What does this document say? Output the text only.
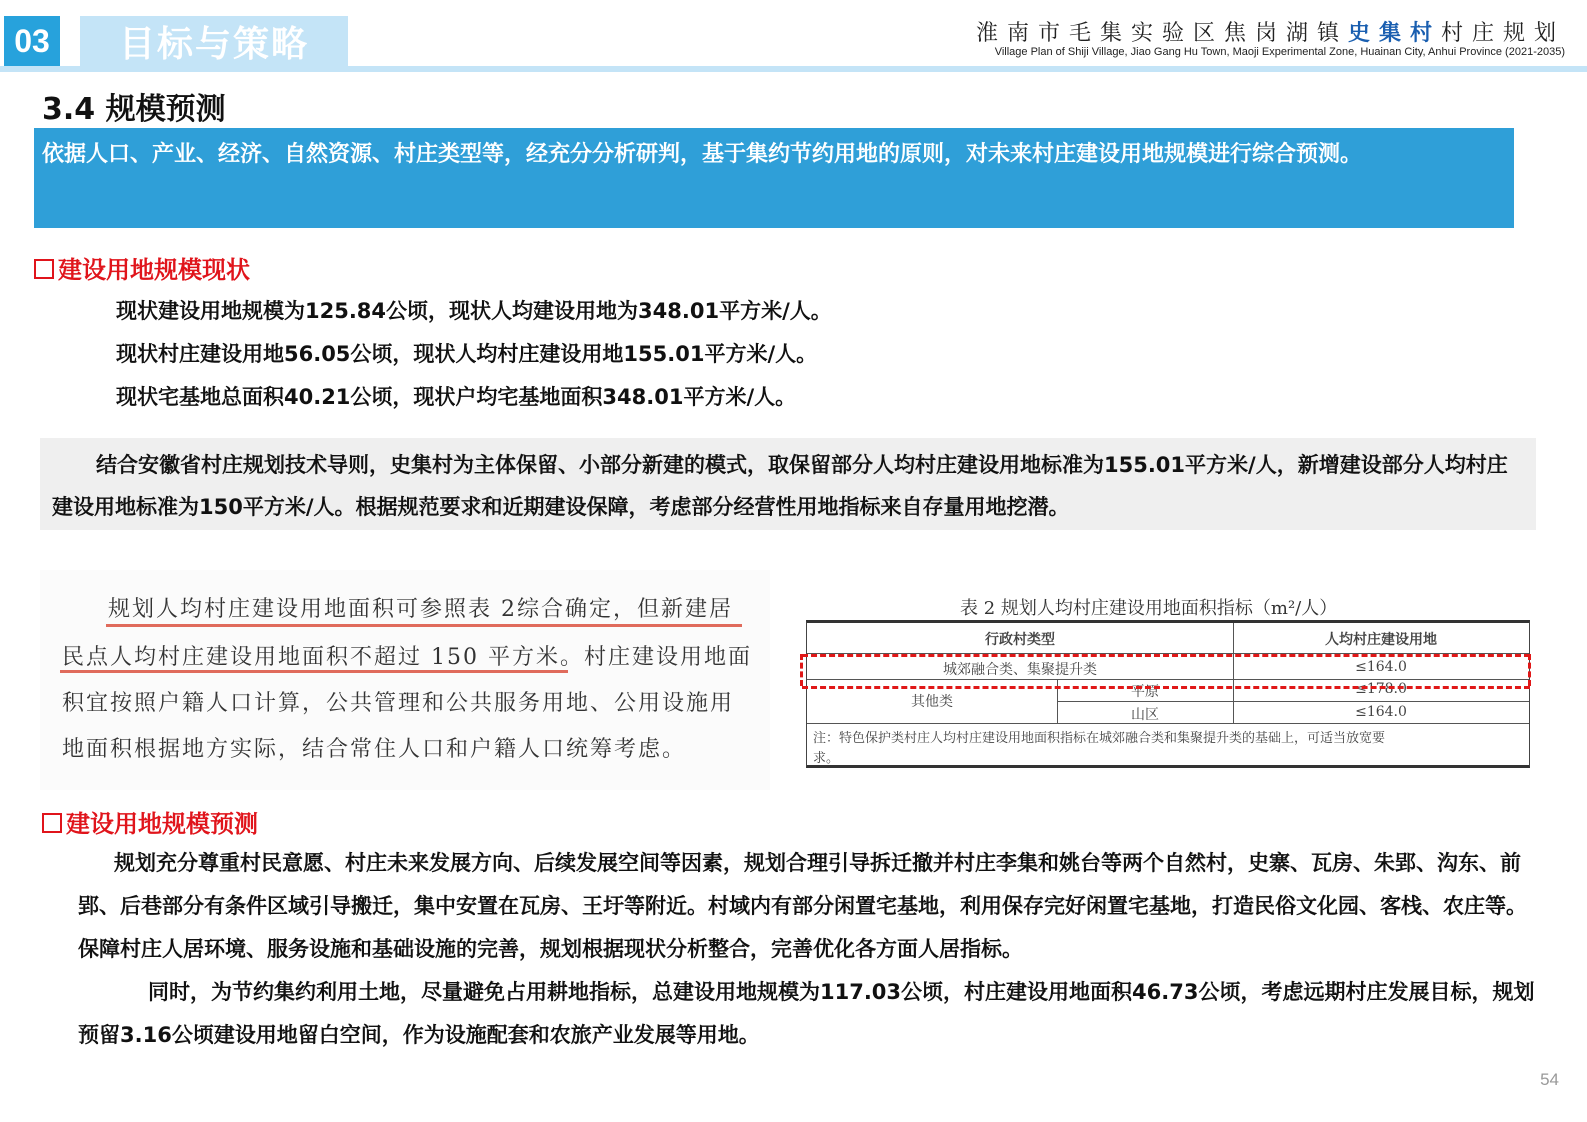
03	目标与策略	淮南市毛集实验区焦岗湖镇史集村村庄规划
Village Plan of Shiji Village, Jiao Gang Hu Town, Maoji Experimental Zone, Huainan City, Anhui Province (2021-2035)
3.4 规模预测
依据人口、产业、经济、自然资源、村庄类型等，经充分分析研判，基于集约节约用地的原则，对未来村庄建设用地规模进行综合预测。
建设用地规模现状
现状建设用地规模为125.84公顷，现状人均建设用地为348.01平方米/人。
现状村庄建设用地56.05公顷，现状人均村庄建设用地155.01平方米/人。
现状宅基地总面积40.21公顷，现状户均宅基地面积348.01平方米/人。

结合安徽省村庄规划技术导则，史集村为主体保留、小部分新建的模式，取保留部分人均村庄建设用地标准为155.01平方米/人，新增建设部分人均村庄建设用地标准为150平方米/人。根据规范要求和近期建设保障，考虑部分经营性用地指标来自存量用地挖潜。

规划人均村庄建设用地面积可参照表 2综合确定，但新建居
民点人均村庄建设用地面积不超过 150 平方米。村庄建设用地面
积宜按照户籍人口计算，公共管理和公共服务用地、公用设施用
地面积根据地方实际，结合常住人口和户籍人口统筹考虑。
表 2 规划人均村庄建设用地面积指标（m²/人）
行政村类型	人均村庄建设用地
城郊融合类、集聚提升类	≤164.0
其他类
平原	≤178.0
山区	≤164.0
注：特色保护类村庄人均村庄建设用地面积指标在城郊融合类和集聚提升类的基础上，可适当放宽要
求。
建设用地规模预测

规划充分尊重村民意愿、村庄未来发展方向、后续发展空间等因素，规划合理引导拆迁撤并村庄李集和姚台等两个自然村，史寨、瓦房、朱郢、沟东、前郢、后巷部分有条件区域引导搬迁，集中安置在瓦房、王圩等附近。村域内有部分闲置宅基地，利用保存完好闲置宅基地，打造民俗文化园、客栈、农庄等。保障村庄人居环境、服务设施和基础设施的完善，规划根据现状分析整合，完善优化各方面人居指标。

同时，为节约集约利用土地，尽量避免占用耕地指标，总建设用地规模为117.03公顷，村庄建设用地面积46.73公顷，考虑远期村庄发展目标，规划预留3.16公顷建设用地留白空间，作为设施配套和农旅产业发展等用地。

54
